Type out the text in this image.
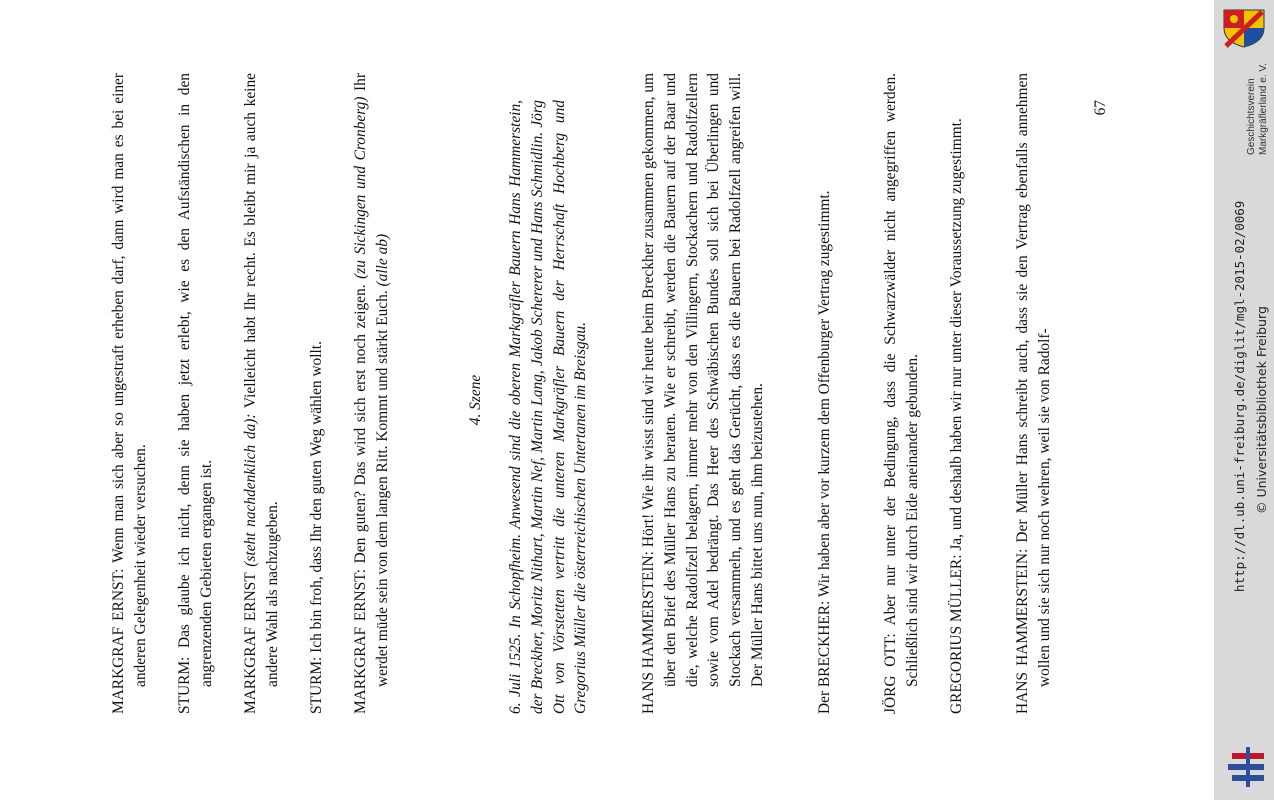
MARKGRAF ERNST: Wenn man sich aber so ungestraft erheben darf, dann wird man es bei einer anderen Gelegenheit wieder versuchen. STURM: Das glaube ich nicht, denn sie haben jetzt erlebt, wie es den Aufständischen in den angrenzenden Gebieten ergangen ist. MARKGRAF ERNST (steht nachdenklich da): Vielleicht habt Ihr recht. Es bleibt mir ja auch keine andere Wahl als nachzugeben. STURM: Ich bin froh, dass Ihr den guten Weg wählen wollt. MARKGRAF ERNST: Den guten? Das wird sich erst noch zeigen. (zu Sickingen und Cronberg) Ihr werdet müde sein von dem langen Ritt. Kommt und stärkt Euch. (alle ab)
4. Szene 6. Juli 1525. In Schopfheim. Anwesend sind die oberen Markgräfler Bauern Hans Hammerstein, der Breckher, Moritz Nithart, Martin Nef, Martin Lang, Jakob Schererer und Hans Schmidlin. Jörg Ott von Vörstetten vertritt die unteren Markgräfler Bauern der Herrschaft Hochberg und Gregorius Müller die österreichischen Untertanen im Breisgau.	HANS HAMMERSTEIN: Hört! Wie ihr wisst sind wir heute beim Breckher zusammen gekommen, um über den Brief des Müller Hans zu beraten. Wie er schreibt, werden die Bauern auf der Baar und die, welche Radolfzell belagern, immer mehr von den Villingern, Stockachern und Radolfzellern sowie vom Adel bedrängt. Das Heer des Schwäbischen Bundes soll sich bei Überlingen und Stockach versammeln, und es geht das Gerücht, dass es die Bauern bei Radolfzell angreifen will. Der Müller Hans bittet uns nun, ihm beizustehen.	Der BRECKHER: Wir haben aber vor kurzem dem Offenburger Vertrag zugestimmt.
JÖRG OTT: Aber nur unter der Bedingung, dass die Schwarzwälder nicht angegriffen werden. Schließlich sind wir durch Eide aneinander gebunden. GREGORIUS MÜLLER: Ja, und deshalb haben wir nur unter dieser Voraussetzung zugestimmt.
HANS HAMMERSTEIN: Der Müller Hans schreibt auch, dass sie den Vertrag ebenfalls annehmen wollen und sie sich nur noch wehren, weil sie von Radolf-
67
http://dl.ub.uni-freiburg.de/diglit/mgl-2015-02/0069 © Universitätsbibliothek Freiburg
Geschichtsverein Markgräflerland e. V.
